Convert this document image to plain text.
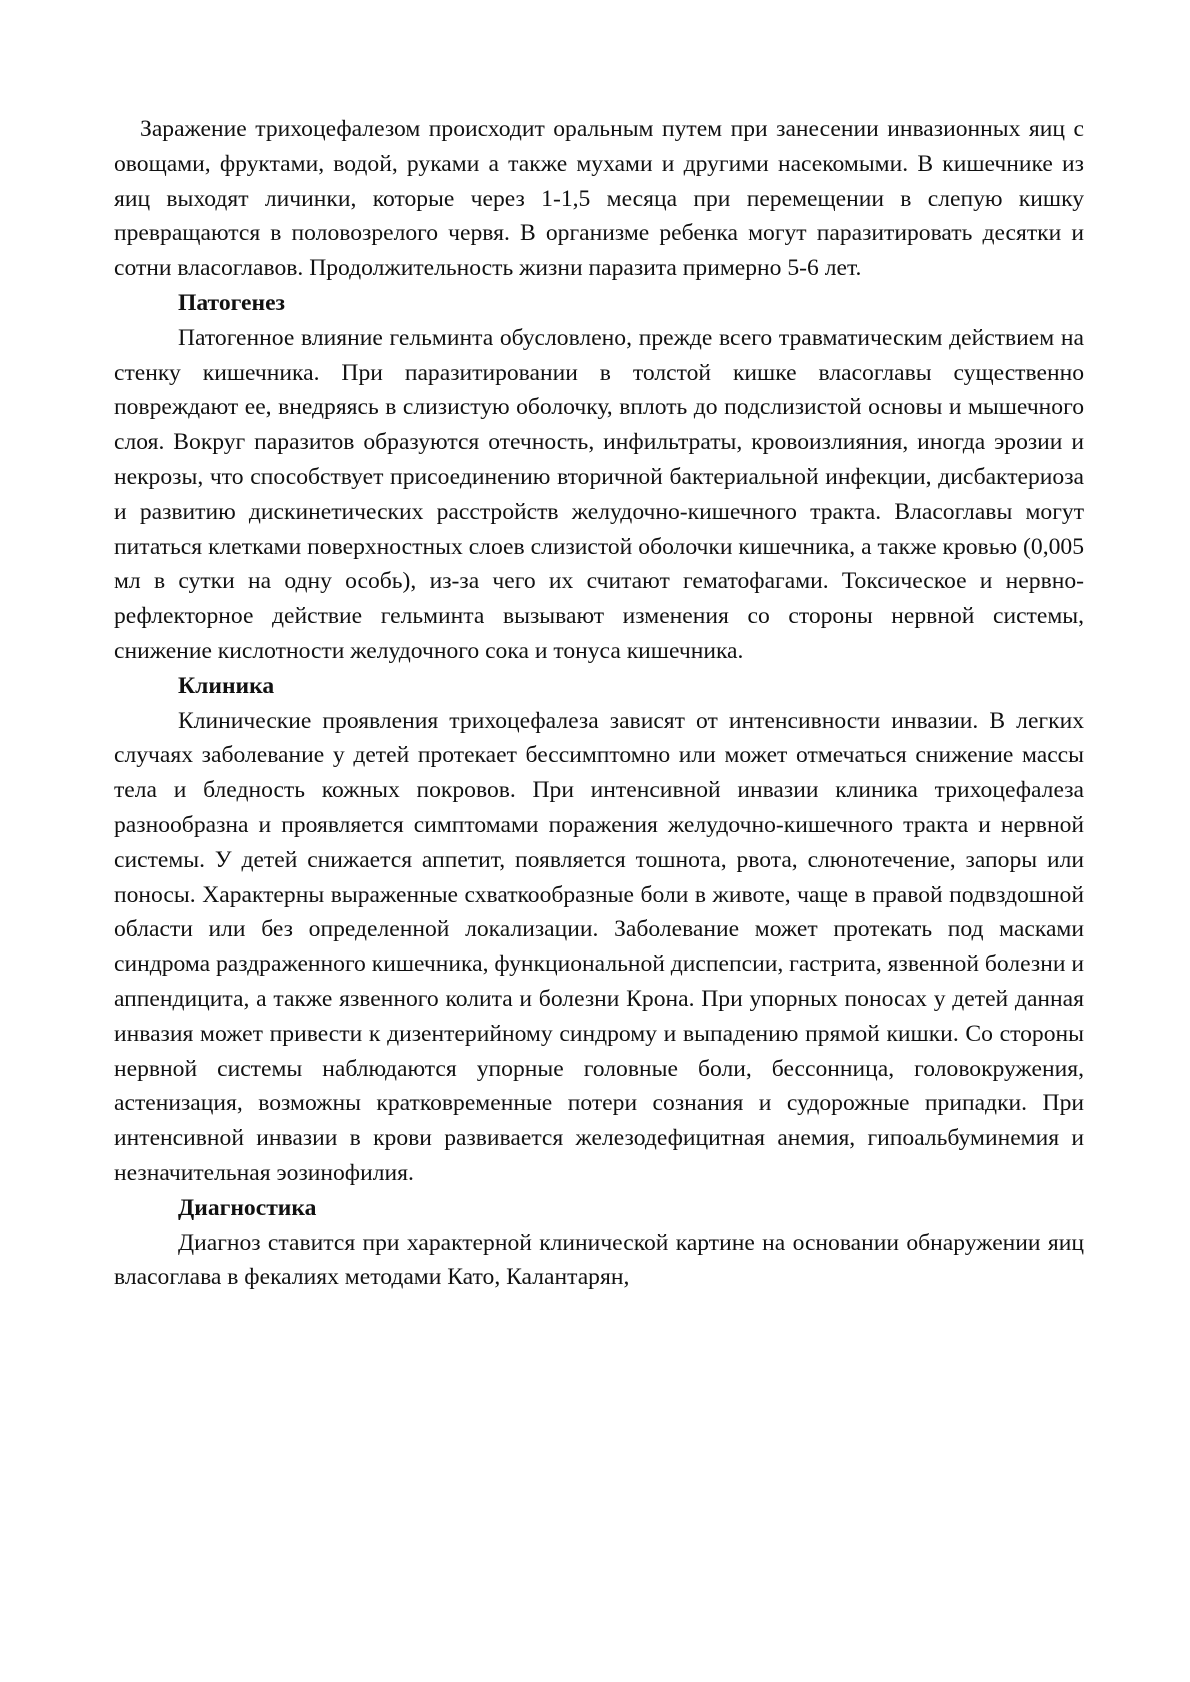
Заражение трихоцефалезом происходит оральным путем при занесении инвазионных яиц с овощами, фруктами, водой, руками а также мухами и другими насекомыми. В кишечнике из яиц выходят личинки, которые через 1-1,5 месяца при перемещении в слепую кишку превращаются в половозрелого червя. В организме ребенка могут паразитировать десятки и сотни власоглавов. Продолжительность жизни паразита примерно 5-6 лет.

Патогенез

Патогенное влияние гельминта обусловлено, прежде всего травматическим действием на стенку кишечника. При паразитировании в толстой кишке власоглавы существенно повреждают ее, внедряясь в слизистую оболочку, вплоть до подслизистой основы и мышечного слоя. Вокруг паразитов образуются отечность, инфильтраты, кровоизлияния, иногда эрозии и некрозы, что способствует присоединению вторичной бактериальной инфекции, дисбактериоза и развитию дискинетических расстройств желудочно-кишечного тракта. Власоглавы могут питаться клетками поверхностных слоев слизистой оболочки кишечника, а также кровью (0,005 мл в сутки на одну особь), из-за чего их считают гематофагами. Токсическое и нервно-рефлекторное действие гельминта вызывают изменения со стороны нервной системы, снижение кислотности желудочного сока и тонуса кишечника.

Клиника

Клинические проявления трихоцефалеза зависят от интенсивности инвазии. В легких случаях заболевание у детей протекает бессимптомно или может отмечаться снижение массы тела и бледность кожных покровов. При интенсивной инвазии клиника трихоцефалеза разнообразна и проявляется симптомами поражения желудочно-кишечного тракта и нервной системы. У детей снижается аппетит, появляется тошнота, рвота, слюнотечение, запоры или поносы. Характерны выраженные схваткообразные боли в животе, чаще в правой подвздошной области или без определенной локализации. Заболевание может протекать под масками синдрома раздраженного кишечника, функциональной диспепсии, гастрита, язвенной болезни и аппендицита, а также язвенного колита и болезни Крона. При упорных поносах у детей данная инвазия может привести к дизентерийному синдрому и выпадению прямой кишки. Со стороны нервной системы наблюдаются упорные головные боли, бессонница, головокружения, астенизация, возможны кратковременные потери сознания и судорожные припадки. При интенсивной инвазии в крови развивается железодефицитная анемия, гипоальбуминемия и незначительная эозинофилия.

Диагностика

Диагноз ставится при характерной клинической картине на основании обнаружении яиц власоглава в фекалиях методами Като, Калантарян,
